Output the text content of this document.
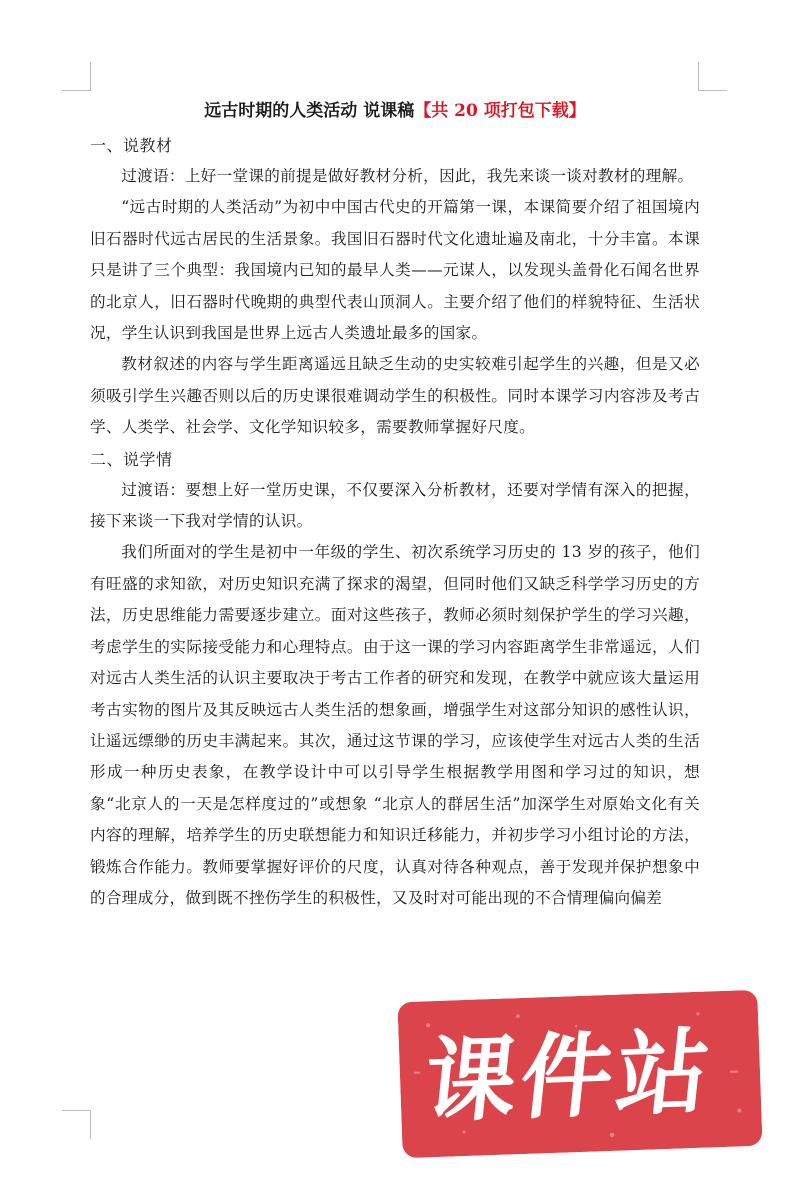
远古时期的人类活动 说课稿【共 20 项打包下载】

一、说教材

过渡语：上好一堂课的前提是做好教材分析，因此，我先来谈一谈对教材的理解。

“远古时期的人类活动”为初中中国古代史的开篇第一课，本课简要介绍了祖国境内旧石器时代远古居民的生活景象。我国旧石器时代文化遗址遍及南北，十分丰富。本课只是讲了三个典型：我国境内已知的最早人类——元谋人，以发现头盖骨化石闻名世界的北京人，旧石器时代晚期的典型代表山顶洞人。主要介绍了他们的样貌特征、生活状况，学生认识到我国是世界上远古人类遗址最多的国家。

教材叙述的内容与学生距离遥远且缺乏生动的史实较难引起学生的兴趣，但是又必须吸引学生兴趣否则以后的历史课很难调动学生的积极性。同时本课学习内容涉及考古学、人类学、社会学、文化学知识较多，需要教师掌握好尺度。

二、说学情

过渡语：要想上好一堂历史课，不仅要深入分析教材，还要对学情有深入的把握，接下来谈一下我对学情的认识。

我们所面对的学生是初中一年级的学生、初次系统学习历史的 13 岁的孩子，他们有旺盛的求知欲，对历史知识充满了探求的渴望，但同时他们又缺乏科学学习历史的方法，历史思维能力需要逐步建立。面对这些孩子，教师必须时刻保护学生的学习兴趣，考虑学生的实际接受能力和心理特点。由于这一课的学习内容距离学生非常遥远，人们对远古人类生活的认识主要取决于考古工作者的研究和发现，在教学中就应该大量运用考古实物的图片及其反映远古人类生活的想象画，增强学生对这部分知识的感性认识，让遥远缥缈的历史丰满起来。其次，通过这节课的学习，应该使学生对远古人类的生活形成一种历史表象，在教学设计中可以引导学生根据教学用图和学习过的知识，想象“北京人的一天是怎样度过的”或想象 “北京人的群居生活”加深学生对原始文化有关内容的理解，培养学生的历史联想能力和知识迁移能力，并初步学习小组讨论的方法，锻炼合作能力。教师要掌握好评价的尺度，认真对待各种观点，善于发现并保护想象中的合理成分，做到既不挫伤学生的积极性，又及时对可能出现的不合情理偏向偏差

课件站
